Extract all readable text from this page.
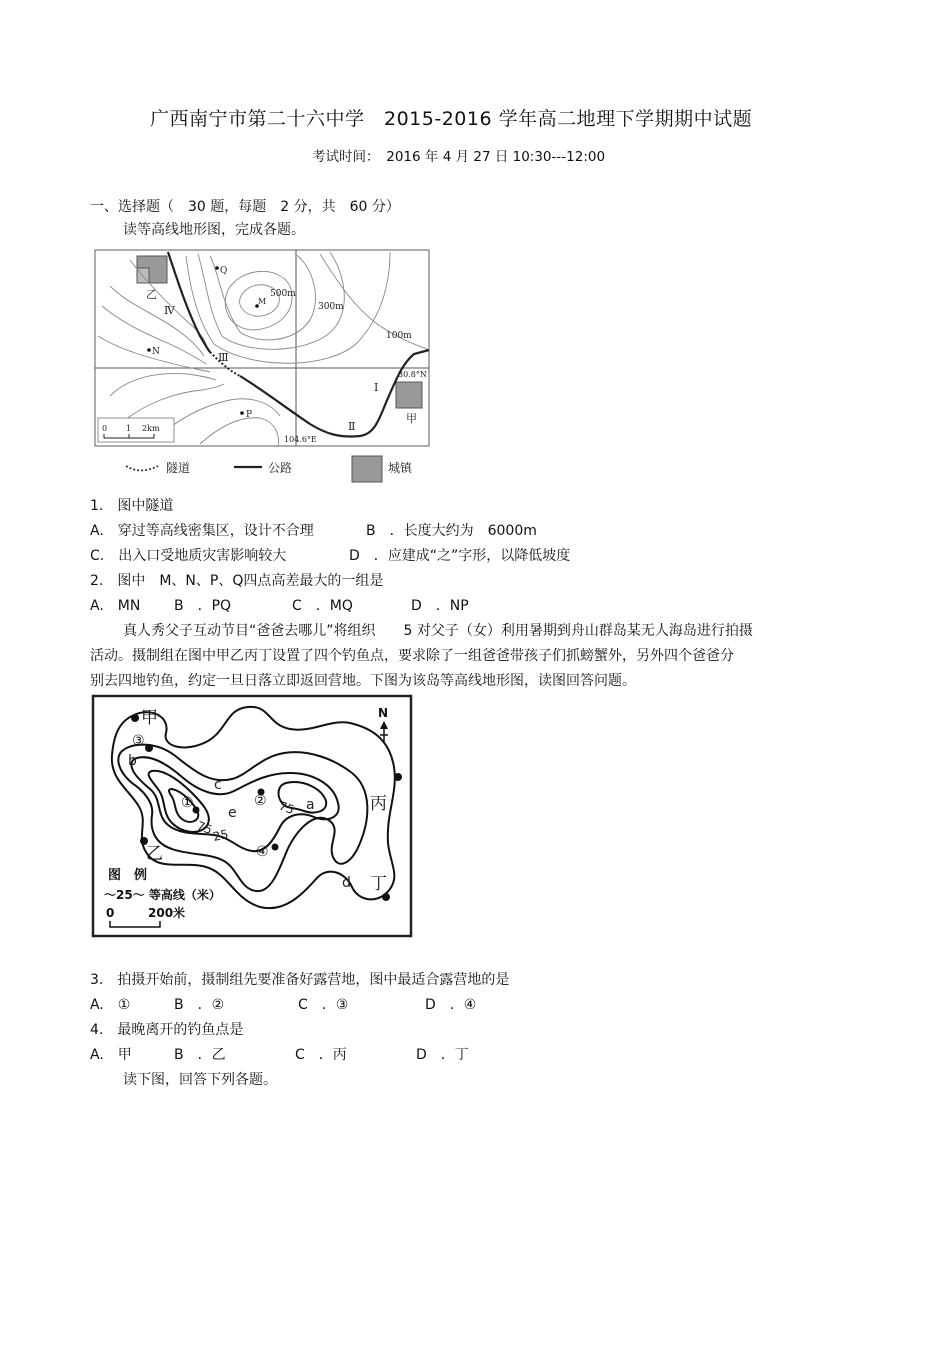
广西南宁市第二十六中学　2015-2016 学年高二地理下学期期中试题
考试时间：　2016 年 4 月 27 日 10:30---12:00
一、选择题（　30 题，每题　2 分，共　60 分）
读等高线地形图，完成各题。
乙
Ⅳ
Q
M
500m
300m
100m
N	Ⅲ
30.8°N
Ⅰ
P
Ⅱ
甲
104.6°E
0 1 2km
隧道	公路	城镇
1.　图中隧道
A.　穿过等高线密集区，设计不合理	B　．长度大约为　6000m
C.　出入口受地质灾害影响较大	D　．应建成“之”字形，以降低坡度
2.　图中　M、N、P、Q四点高差最大的一组是
A.　MN B　．PQ	C　．MQ	D　．NP
真人秀父子互动节目“爸爸去哪儿”将组织　　5 对父子（女）利用暑期到舟山群岛某无人海岛进行拍摄
活动。摄制组在图中甲乙丙丁设置了四个钓鱼点，要求除了一组爸爸带孩子们抓螃蟹外，另外四个爸爸分
别去四地钓鱼，约定一旦日落立即返回营地。下图为该岛等高线地形图，读图回答问题。
甲
丙
乙
丁
①	②
③
④
a
b
c
d
e	75
75
25
N
图　例
～25～ 等高线（米）
0	200米
3.　拍摄开始前，摄制组先要准备好露营地，图中最适合露营地的是
A.　①	B　．②	C　．③	D　．④
4.　最晚离开的钓鱼点是
A.　甲	B　．乙	C　．丙	D　．丁
读下图，回答下列各题。
